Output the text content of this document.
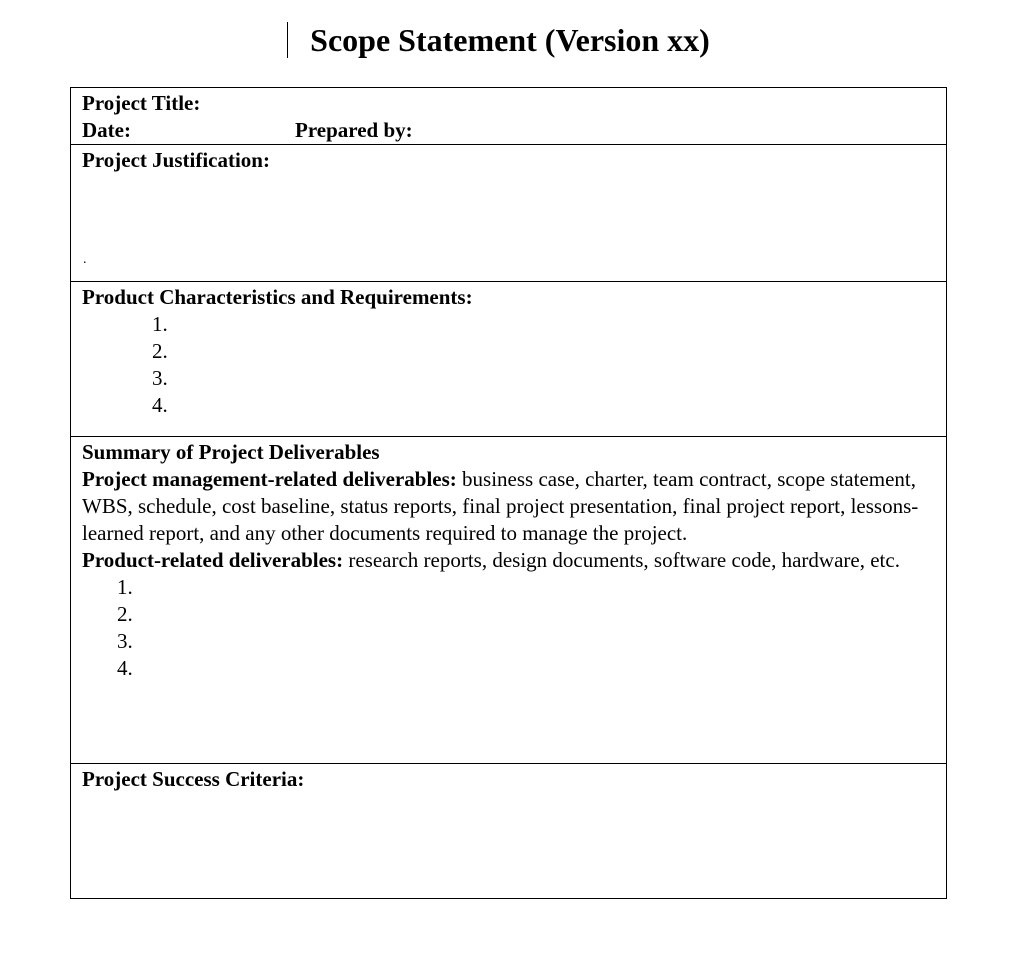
Scope Statement (Version xx)
Project Title:
Date:	Prepared by:
Project Justification:
.
Product Characteristics and Requirements:
1.
2.
3.
4.
Summary of Project Deliverables

Project management-related deliverables: business case, charter, team contract, scope statement, WBS, schedule, cost baseline, status reports, final project presentation, final project report, lessons-learned report, and any other documents required to manage the project.

Product-related deliverables: research reports, design documents, software code, hardware, etc.

1.
2.
3.
4.
Project Success Criteria:
